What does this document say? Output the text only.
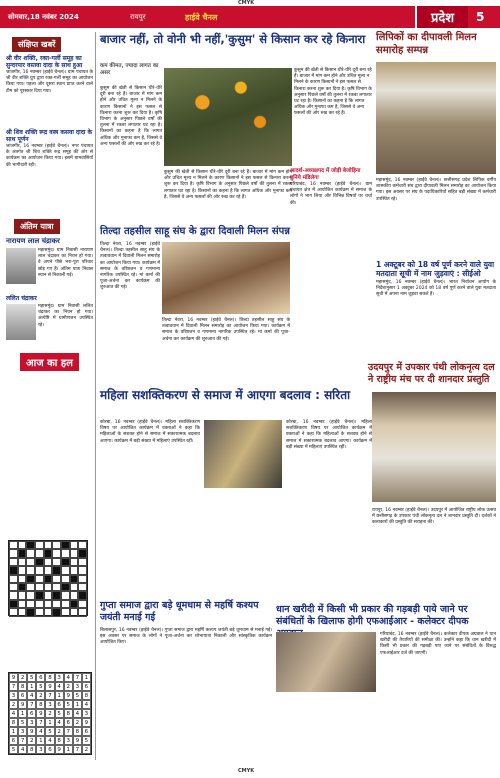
CMYK
सोमवार,18 नवंबर 2024	रायपुर	हाईवे चैनल	प्रदेश	5
संक्षिप्त खबरें
श्री वीर शक्ति, रक्त-गर्ली समूह का सुन्दरपार वस्तवा दादा के साथ हुआ
जांजगीर, 16 नवम्बर (हाईवे चैनल)। ग्राम पंचायत के श्री वीर शक्ति ग्रुप द्वारा रक्त-गर्ली समूह का आयोजन किया गया। पहला और दूसरा स्थान प्राप्त करने वाले टीम को पुरस्कार दिया गया।
श्री शिव शक्ति रूद्र वस्त्र कसवा दादा के साथ पूर्णन
जांजगीर, 16 नवम्बर (हाईवे चैनल)। नगर पंचायत के अंतर्गत श्री शिव शक्ति रूद्र समूह की ओर से कार्यक्रम का आयोजन किया गया। इसमें ग्रामवासियों की भागीदारी रही।
अंतिम यात्रा
नारायण लाल चंद्राकर
महासमुंद। ग्राम निवासी नारायण लाल चंद्राकर का निधन हो गया। वे अपने पीछे भरा-पूरा परिवार छोड़ गए हैं। अंतिम यात्रा निवास स्थान से निकाली गई।
ललित चंद्राकर
महासमुंद। ग्राम निवासी ललित चंद्राकर का निधन हो गया। अंत्येष्टि में ग्रामीणजन उपस्थित रहे।
आज का हल
9	2	5	6	8	3	4	7	1
7	8	1	5	9	4	2	3	6
3	6	4	2	7	1	9	5	8
2	9	7	8	3	6	5	1	4
4	1	6	9	2	5	8	4	3
8	5	3	7	1	4	6	2	9
1	3	9	4	5	2	7	8	6
6	7	2	1	4	8	3	9	5
5	4	8	3	6	9	1	7	2
बाजार नहीं, तो वोनी भी नहीं,'कुसुम' से किसान कर रहे किनारा
कम कीमत, ज्यादा लागत का असर	कुसुम की खेती से किसान धीरे-धीरे दूरी बना रहे हैं। बाजार में मांग कम होने और उचित मूल्य न मिलने के कारण किसानों ने इस फसल से किनारा करना शुरू कर दिया है। कृषि विभाग के अनुसार पिछले वर्षों की तुलना में रकबा लगातार घट रहा है। किसानों का कहना है कि लागत अधिक और मुनाफा कम है, जिससे वे अन्य फसलों की ओर रुख कर रहे हैं।
कुसुम की खेती से किसान धीरे-धीरे दूरी बना रहे हैं। बाजार में मांग कम होने और उचित मूल्य न मिलने के कारण किसानों ने इस फसल से किनारा करना शुरू कर दिया है। कृषि विभाग के अनुसार पिछले वर्षों की तुलना में रकबा लगातार घट रहा है। किसानों का कहना है कि लागत अधिक और मुनाफा कम है, जिससे वे अन्य फसलों की ओर रुख कर रहे हैं।
कुसुम की खेती से किसान धीरे-धीरे दूरी बना रहे हैं। बाजार में मांग कम होने और उचित मूल्य न मिलने के कारण किसानों ने इस फसल से किनारा करना शुरू कर दिया है। कृषि विभाग के अनुसार पिछले वर्षों की तुलना में रकबा लगातार घट रहा है। किसानों का कहना है कि लागत अधिक और मुनाफा कम है, जिससे वे अन्य फसलों की ओर रुख कर रहे हैं।
आदर्श-अध्यक्षपद में जोड़ी बेजोड़िना पुनिये मंडिलेगा
गरियाबंद, 16 नवम्बर (हाईवे चैनल)। ग्राम पंचायत क्षेत्र में आयोजित कार्यक्रम में समाज के लोगों ने भाग लिया और विभिन्न विषयों पर चर्चा की।
लिपिकों का दीपावली मिलन समारोह सम्पन्न
महासमुंद, 16 नवम्बर (हाईवे चैनल)। छत्तीसगढ़ प्रदेश लिपिक वर्गीय शासकीय कर्मचारी संघ द्वारा दीपावली मिलन समारोह का आयोजन किया गया। इस अवसर पर संघ के पदाधिकारियों सहित बड़ी संख्या में कर्मचारी उपस्थित रहे।
1 अक्टूबर को 18 वर्ष पूर्ण करने वाले युवा मतदाता सूची में नाम जुड़वाएं : सीईओ
महासमुंद, 16 नवम्बर (हाईवे चैनल)। भारत निर्वाचन आयोग के निर्देशानुसार 1 अक्टूबर 2024 को 18 वर्ष पूर्ण करने वाले युवा मतदाता सूची में अपना नाम जुड़वा सकते हैं।
तिल्दा तहसील साहू संघ के द्वारा दिवाली मिलन संपन्न
तिल्दा नेवरा, 16 नवम्बर (हाईवे चैनल)। तिल्दा तहसील साहू संघ के तत्वावधान में दिवाली मिलन समारोह का आयोजन किया गया। कार्यक्रम में समाज के वरिष्ठजन व गणमान्य नागरिक उपस्थित रहे। मां कर्मा की पूजा-अर्चना कर कार्यक्रम की शुरुआत की गई।
तिल्दा नेवरा, 16 नवम्बर (हाईवे चैनल)। तिल्दा तहसील साहू संघ के तत्वावधान में दिवाली मिलन समारोह का आयोजन किया गया। कार्यक्रम में समाज के वरिष्ठजन व गणमान्य नागरिक उपस्थित रहे। मां कर्मा की पूजा-अर्चना कर कार्यक्रम की शुरुआत की गई।
महिला सशक्तिकरण से समाज में आएगा बदलाव : सरिता
कोरबा, 16 नवम्बर (हाईवे चैनल)। महिला सशक्तिकरण विषय पर आयोजित कार्यक्रम में वक्ताओं ने कहा कि महिलाओं के सशक्त होने से समाज में सकारात्मक बदलाव आएगा। कार्यक्रम में बड़ी संख्या में महिलाएं उपस्थित रहीं।
कोरबा, 16 नवम्बर (हाईवे चैनल)। महिला सशक्तिकरण विषय पर आयोजित कार्यक्रम में वक्ताओं ने कहा कि महिलाओं के सशक्त होने से समाज में सकारात्मक बदलाव आएगा। कार्यक्रम में बड़ी संख्या में महिलाएं उपस्थित रहीं।
उदयपुर में उपकार पंथी लोकनृत्य दल ने राष्ट्रीय मंच पर दी शानदार प्रस्तुति
रायपुर, 16 नवम्बर (हाईवे चैनल)। उदयपुर में आयोजित राष्ट्रीय लोक उत्सव में छत्तीसगढ़ के उपकार पंथी लोकनृत्य दल ने शानदार प्रस्तुति दी। दर्शकों ने कलाकारों की प्रस्तुति की सराहना की।
गुप्ता समाज द्वारा बड़े धूमधाम से महर्षि कश्यप जयंती मनाई गई
बिलासपुर, 16 नवम्बर (हाईवे चैनल)। गुप्ता समाज द्वारा महर्षि कश्यप जयंती बड़े धूमधाम से मनाई गई। इस अवसर पर समाज के लोगों ने पूजा-अर्चना कर शोभायात्रा निकाली और सांस्कृतिक कार्यक्रम आयोजित किए।
धान खरीदी में किसी भी प्रकार की गड़बड़ी पाये जाने पर संबंधितों के खिलाफ होगी एफआईआर - कलेक्टर दीपक
गरियाबंद, 16 नवम्बर (हाईवे चैनल)। कलेक्टर दीपक अग्रवाल ने धान खरीदी की तैयारियों की समीक्षा की। उन्होंने कहा कि धान खरीदी में किसी भी प्रकार की गड़बड़ी पाए जाने पर संबंधितों के विरुद्ध एफआईआर दर्ज की जाएगी।
CMYK
